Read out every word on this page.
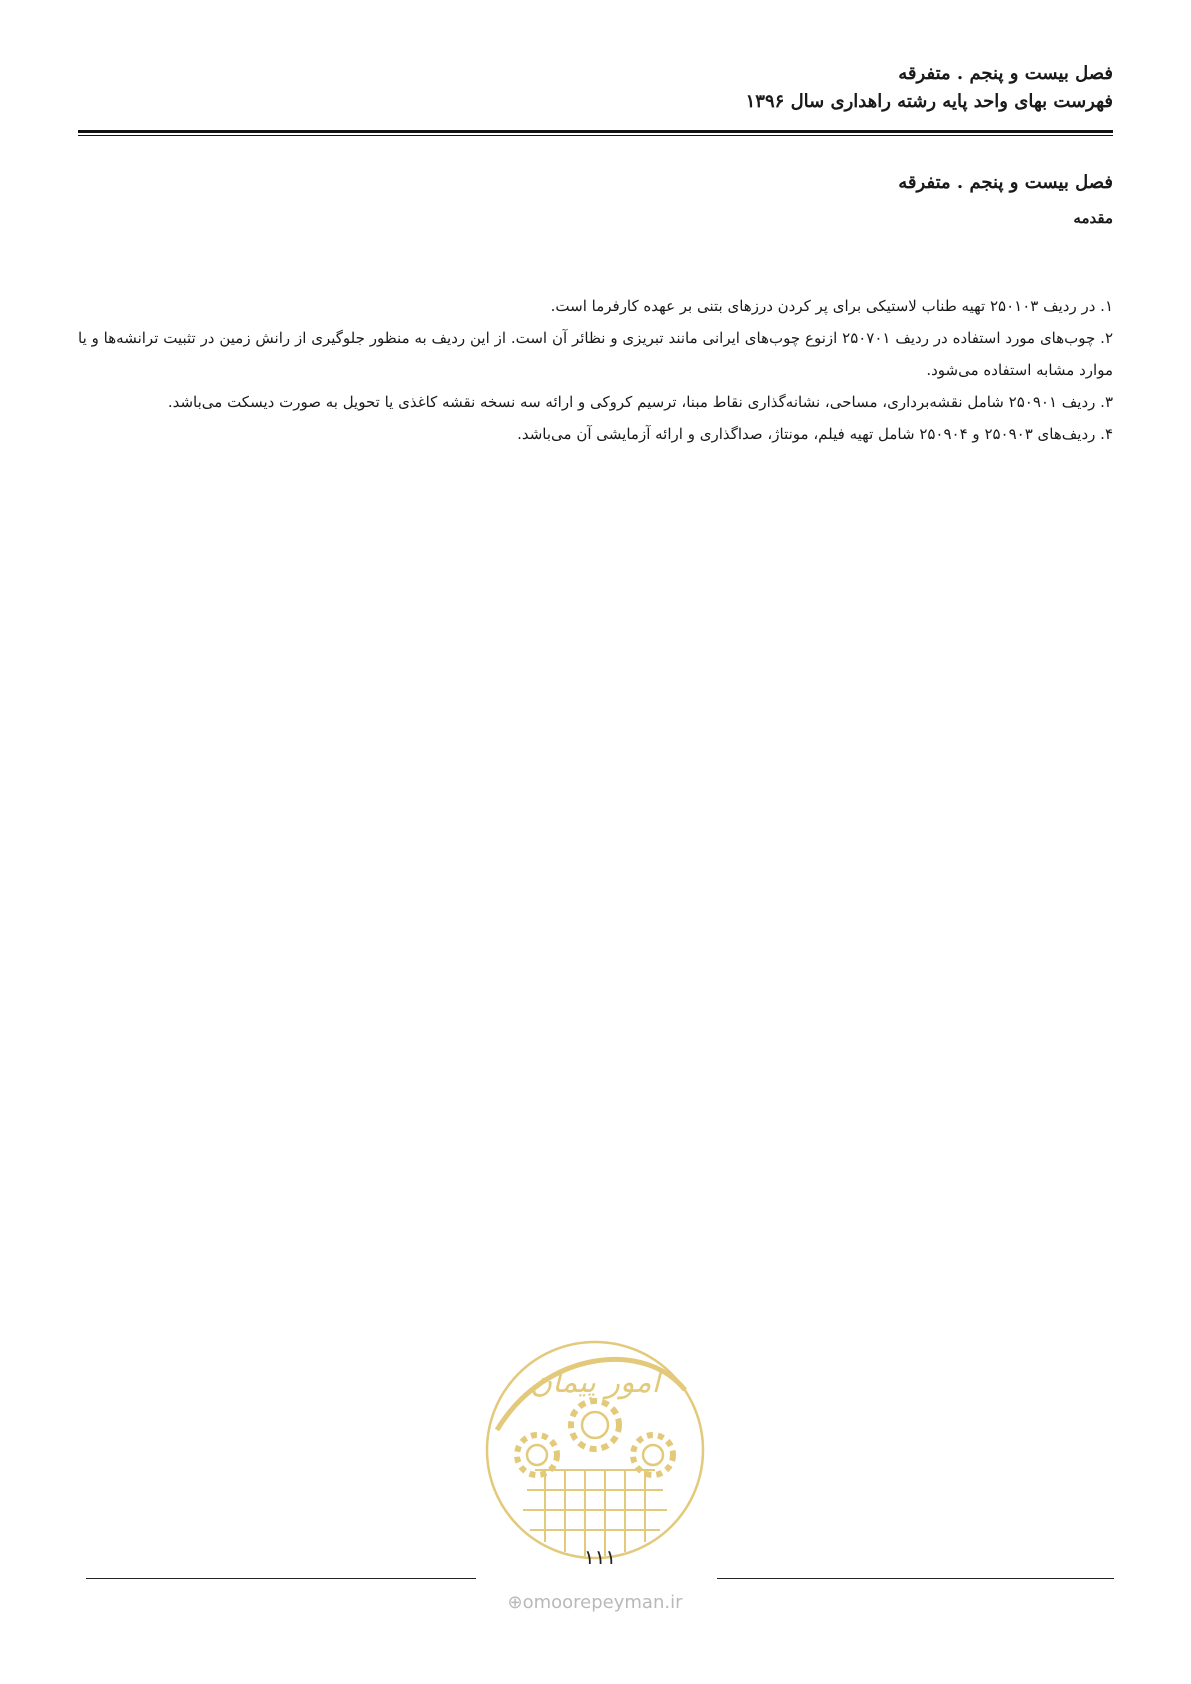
فصل بیست و پنجم . متفرقه
فهرست بهای واحد پایه رشته راهداری سال ۱۳۹۶
فصل بیست و پنجم . متفرقه
مقدمه

۱. در ردیف ۲۵۰۱۰۳ تهیه طناب لاستیکی برای پر کردن درزهای بتنی بر عهده کارفرما است.

۲. چوب‌های مورد استفاده در ردیف ۲۵۰۷۰۱ ازنوع چوب‌های ایرانی مانند تبریزی و نظائر آن است. از این ردیف به منظور جلوگیری از رانش زمین در تثبیت ترانشه‌ها و یا موارد مشابه استفاده می‌شود.

۳. ردیف ۲۵۰۹۰۱ شامل نقشه‌برداری، مساحی، نشانه‌گذاری نقاط مبنا، ترسیم کروکی و ارائه سه نسخه نقشه کاغذی یا تحویل به صورت دیسکت می‌باشد.

۴. ردیف‌های ۲۵۰۹۰۳ و ۲۵۰۹۰۴ شامل تهیه فیلم، مونتاژ، صداگذاری و ارائه آزمایشی آن می‌باشد.

امور پیمان
۱۱۱
⊕omoorepeyman.ir
